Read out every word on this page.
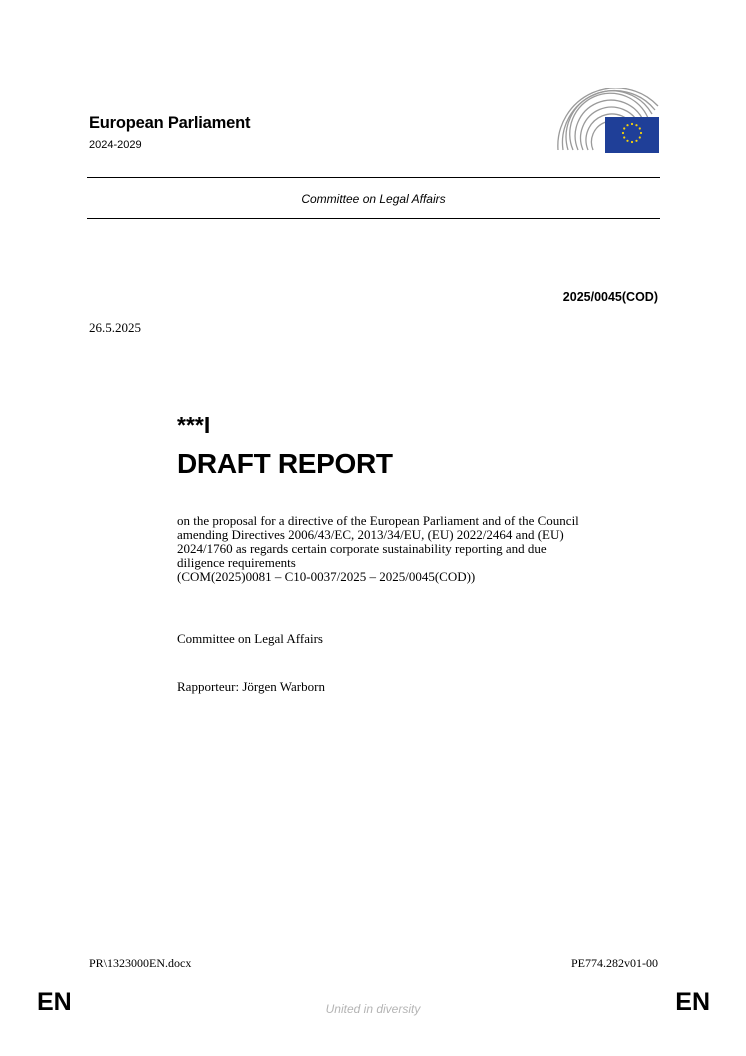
European Parliament
2024-2029
Committee on Legal Affairs
2025/0045(COD)
26.5.2025
***I
DRAFT REPORT
on the proposal for a directive of the European Parliament and of the Council
amending Directives 2006/43/EC, 2013/34/EU, (EU) 2022/2464 and (EU)
2024/1760 as regards certain corporate sustainability reporting and due
diligence requirements
(COM(2025)0081 – C10-0037/2025 – 2025/0045(COD))
Committee on Legal Affairs
Rapporteur: Jörgen Warborn
PR\1323000EN.docx	PE774.282v01-00
EN	United in diversity	EN
